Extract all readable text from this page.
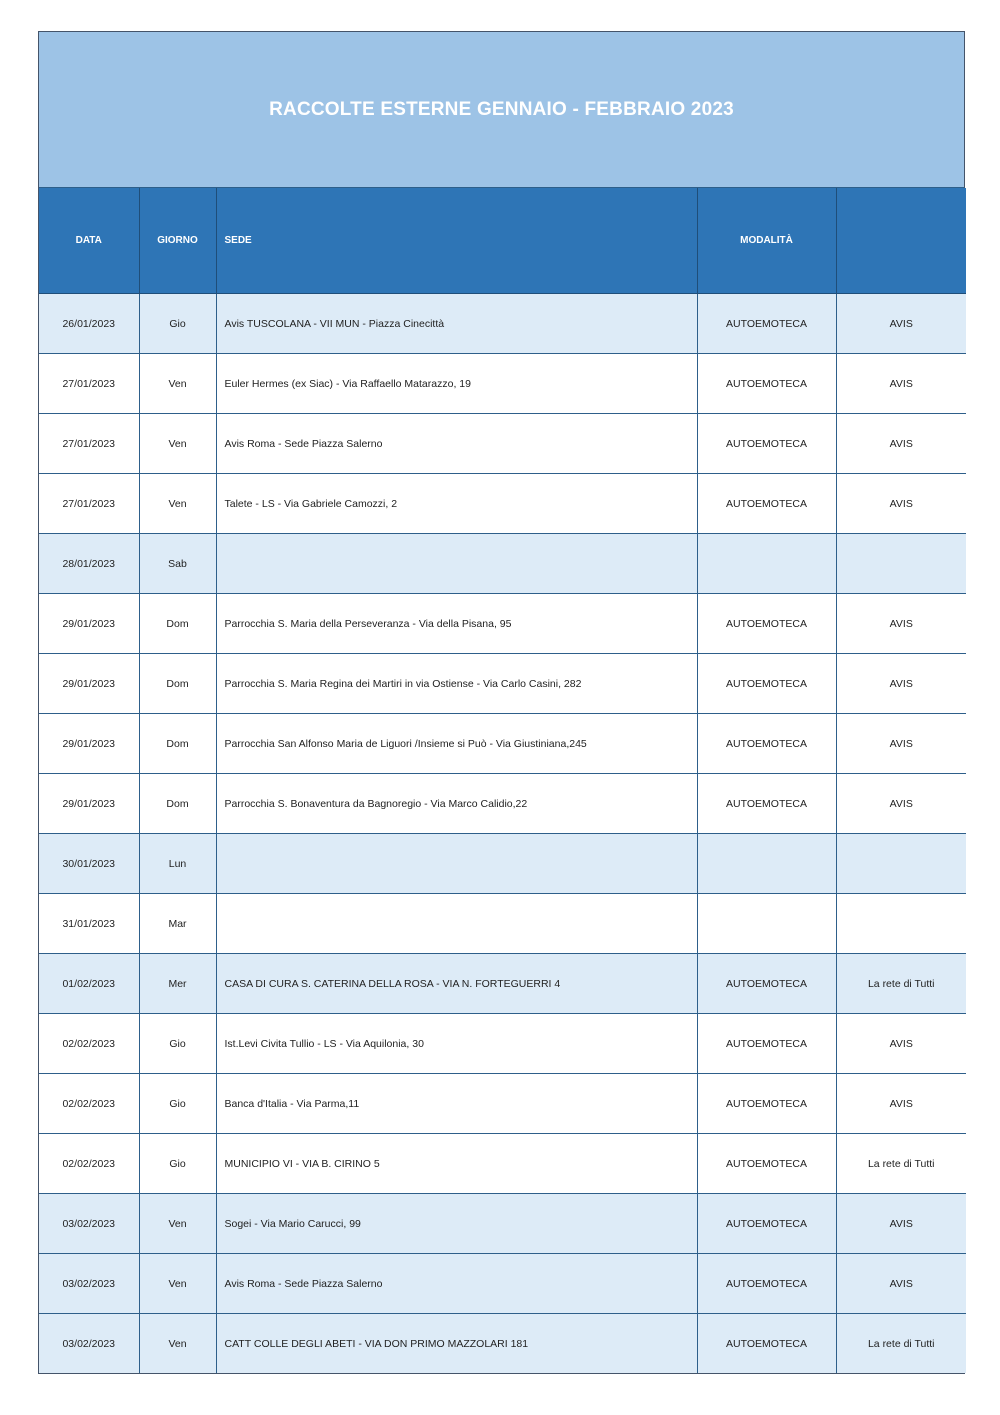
RACCOLTE ESTERNE GENNAIO - FEBBRAIO 2023
DATA	GIORNO	SEDE	MODALITÀ	
26/01/2023	Gio	Avis TUSCOLANA - VII MUN - Piazza Cinecittà	AUTOEMOTECA	AVIS
27/01/2023	Ven	Euler Hermes (ex Siac) - Via Raffaello Matarazzo, 19	AUTOEMOTECA	AVIS
27/01/2023	Ven	Avis Roma - Sede Piazza Salerno	AUTOEMOTECA	AVIS
27/01/2023	Ven	Talete - LS - Via Gabriele Camozzi, 2	AUTOEMOTECA	AVIS
28/01/2023	Sab			
29/01/2023	Dom	Parrocchia S. Maria della Perseveranza - Via della Pisana, 95	AUTOEMOTECA	AVIS
29/01/2023	Dom	Parrocchia S. Maria Regina dei Martiri in via Ostiense - Via Carlo Casini, 282	AUTOEMOTECA	AVIS
29/01/2023	Dom	Parrocchia San Alfonso Maria de Liguori /Insieme si Può - Via Giustiniana,245	AUTOEMOTECA	AVIS
29/01/2023	Dom	Parrocchia S. Bonaventura da Bagnoregio - Via Marco Calidio,22	AUTOEMOTECA	AVIS
30/01/2023	Lun			
31/01/2023	Mar			
01/02/2023	Mer	CASA DI CURA S. CATERINA DELLA ROSA - VIA N. FORTEGUERRI 4	AUTOEMOTECA	La rete di Tutti
02/02/2023	Gio	Ist.Levi Civita Tullio - LS - Via Aquilonia, 30	AUTOEMOTECA	AVIS
02/02/2023	Gio	Banca d'Italia - Via Parma,11	AUTOEMOTECA	AVIS
02/02/2023	Gio	MUNICIPIO VI - VIA B. CIRINO 5	AUTOEMOTECA	La rete di Tutti
03/02/2023	Ven	Sogei - Via Mario Carucci, 99	AUTOEMOTECA	AVIS
03/02/2023	Ven	Avis Roma - Sede Piazza Salerno	AUTOEMOTECA	AVIS
03/02/2023	Ven	CATT COLLE DEGLI ABETI - VIA DON PRIMO MAZZOLARI 181	AUTOEMOTECA	La rete di Tutti
